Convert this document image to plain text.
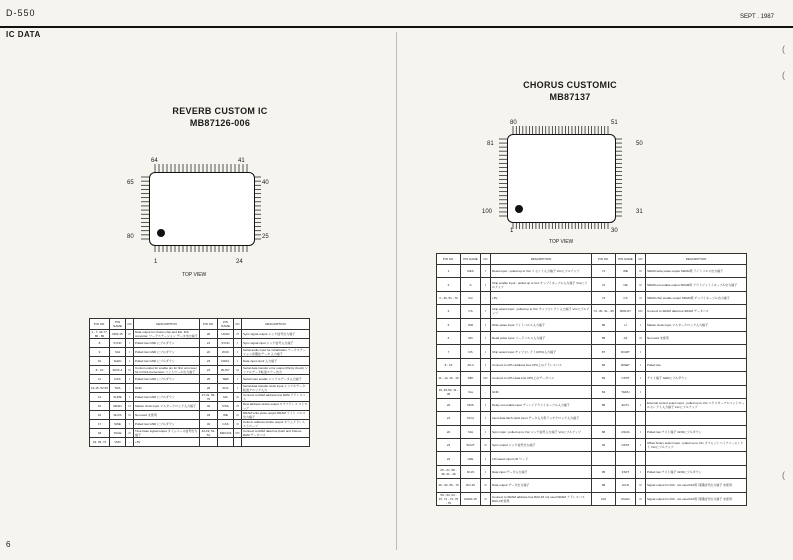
D-550	SEPT . 1987
IC DATA
6
(
(
(
REVERB CUSTOM IC
MB87126-006
64	41
65
80
40
25
1	24
TOP VIEW
PIN NO.	PIN NAME	I/O	DESCRIPTION	PIN NO.	PIN NAME	I/O	DESCRIPTION
1 - 7, 44-77, 80 - 80	DD0-15	O	Data output for chorus chip and Ext. D/A converter, ワークステーション データ出力端子	20	LDAD	O	Sync signal output シンク信号出力端子
8	SYNC	I	Pulled low GND にプルダウン	21	SYNC	I	Sync signal input シンク信号入力端子
9	SIH	I	Pulled low GND にプルダウン	22	WCK	I	Serial audio input for initialization ワークステーション初期化データ 入力端子
10	SLEN	I	Pulled low GND にプルダウン	23	DRCL	I	Data input clock 入力端子
8 - 10	WCK-4	O	Control output for enable pin for first unit cover for Int D/A Conversion コントロール出力端子	24	BUSY	O	Serial data transfer error output (Parity check) シリアルデータ転送エラー出力
11	RAS	I	Pulled low GND にプルダウン	25	SEB	I	Serial input enable シリアルデータ入力端子
12-15, 52-55	TRA	-	GND	26	SCK	I	Serial data transfer clock input シリアルデータ転送クロック入力
14	SURE	I	Pulled low GND にプルダウン	27-31, 56-70	MA	O	Connect to RAM address bus RAM アドレスバス
15	RESN	O	Master clock input マスタークロック入力端子	32	RSS	O	Row address strobe output ロウアドレス ストローブ
16	SLOS	O	Not used 未使用	33	WE	O	DRAM write pulse output DRAM ライト パルス出力端子
17	SWE	I	Pulled low GND にプルダウン	34	CAS	O	Column address strobe output カラムアドレス ストローブ
18	TAGE	O	Time base signal output タイムベース信号出力端子	42-19, 51-51	DRO-D3	I/O	Connect to RAM data bus (both and Chorus RAM データバス
19, 39, 72	VDD	-	+5V				
CHORUS CUSTOMIC
MB87137
80	51
81
100
50
31
1	30
TOP VIEW
PIN NO.	PIN NAME	I/O	DESCRIPTION	PIN NO.	PIN NAME	I/O	DESCRIPTION
1	RES	I	Reset input : pulled up to Vcc リセット入力端子 Vccにプルアップ	71	WE	O	SRAM write pulse output SRAM用 ライトパルス出力端子
2	S	I	Chip enable input : pulled up to Vcc チップイネーブル入力端子 Vccにプルアップ	72	OE	O	SRAM out enable output SRAM用 アウトプットイネーブル出力端子
3 - 25, 51 - 70	Vcc	-	+5V	73	CS	O	SRAM chip enable output SRAM用 チップイネーブル出力端子
4	CS	I	Chip select input : pulled up to Vcc チップセレクト入力端子 Vccにプルアップ	74 - 81, 91 - 96	RD0-D7	I/O	Connect to SRAM data bus SRAM データバス
5	WR	I	Write pulse input ライトパルス入力端子	80	H	I	Master clock input マスタークロック入力端子
6	RD	I	Read pulse input リードパルス入力端子	85	A2	O	Not used 未使用
7	DS	I	Chip select input チップセレクト(CPU)入力端子	87	RCMT	I	
8 - 10	A0-2	I	Connect to CPU address bus CPU上のアドレスバス	82	RWET	I	Pulled low
11 - 14, 16 - 19	DB7	I/O	Connect to CPU data bus CPU上のデータバス	83	CTRT	I	テスト端子 GNDにプルダウン
15, 45-50, 41 - 46	Vss	-	GND	84	THRU	I	
20	DDS	I	Delay out enable input ディレイアウトイネーブル入力端子	85	ECTL	I	External control select input : pulled up to Vcc エクスターナルコントロールセレクト入力端子 Vccにプルアップ
21	DCH	I	Input data latch clock input データ入力用ラッチクロック入力端子				
22	SIH	I	Sync input : pulled up to Vcc シンク信号入力端子 Vccにプルアップ	86	ASOA	I	Pulled low テスト端子 GNDにプルダウン
23	SOUT	O	Sync output シンク信号出力端子	92	OFST	I	Offset binary select input : pulled up to Vcc オフセットバイナリーセレクト Vccにプルアップ
24	LRE	I	L/R select input L/R ワード				
25 - 21, 58 - 36, 41 - 46	ID-15	I	Data input データ入力端子	95	FSFT	I	Pulled low テスト端子 GNDにプルダウン
40 - 52, 56 - 70	DO-15	O	Data output データ出力端子	98	LFLD	O	Signal output for D/A : not used D/A用 同期信号出力端子 未使用
59 - 62, 64 - 67, 71 - 74, 75 - 76	RAD0-15	O	Connect to SRAM address bus RA0-15 not used SRAM アドレスバス RA0-3未使用	100	RHLD	O	Signal output for D/A : not used D/A用 同期信号出力端子 未使用
